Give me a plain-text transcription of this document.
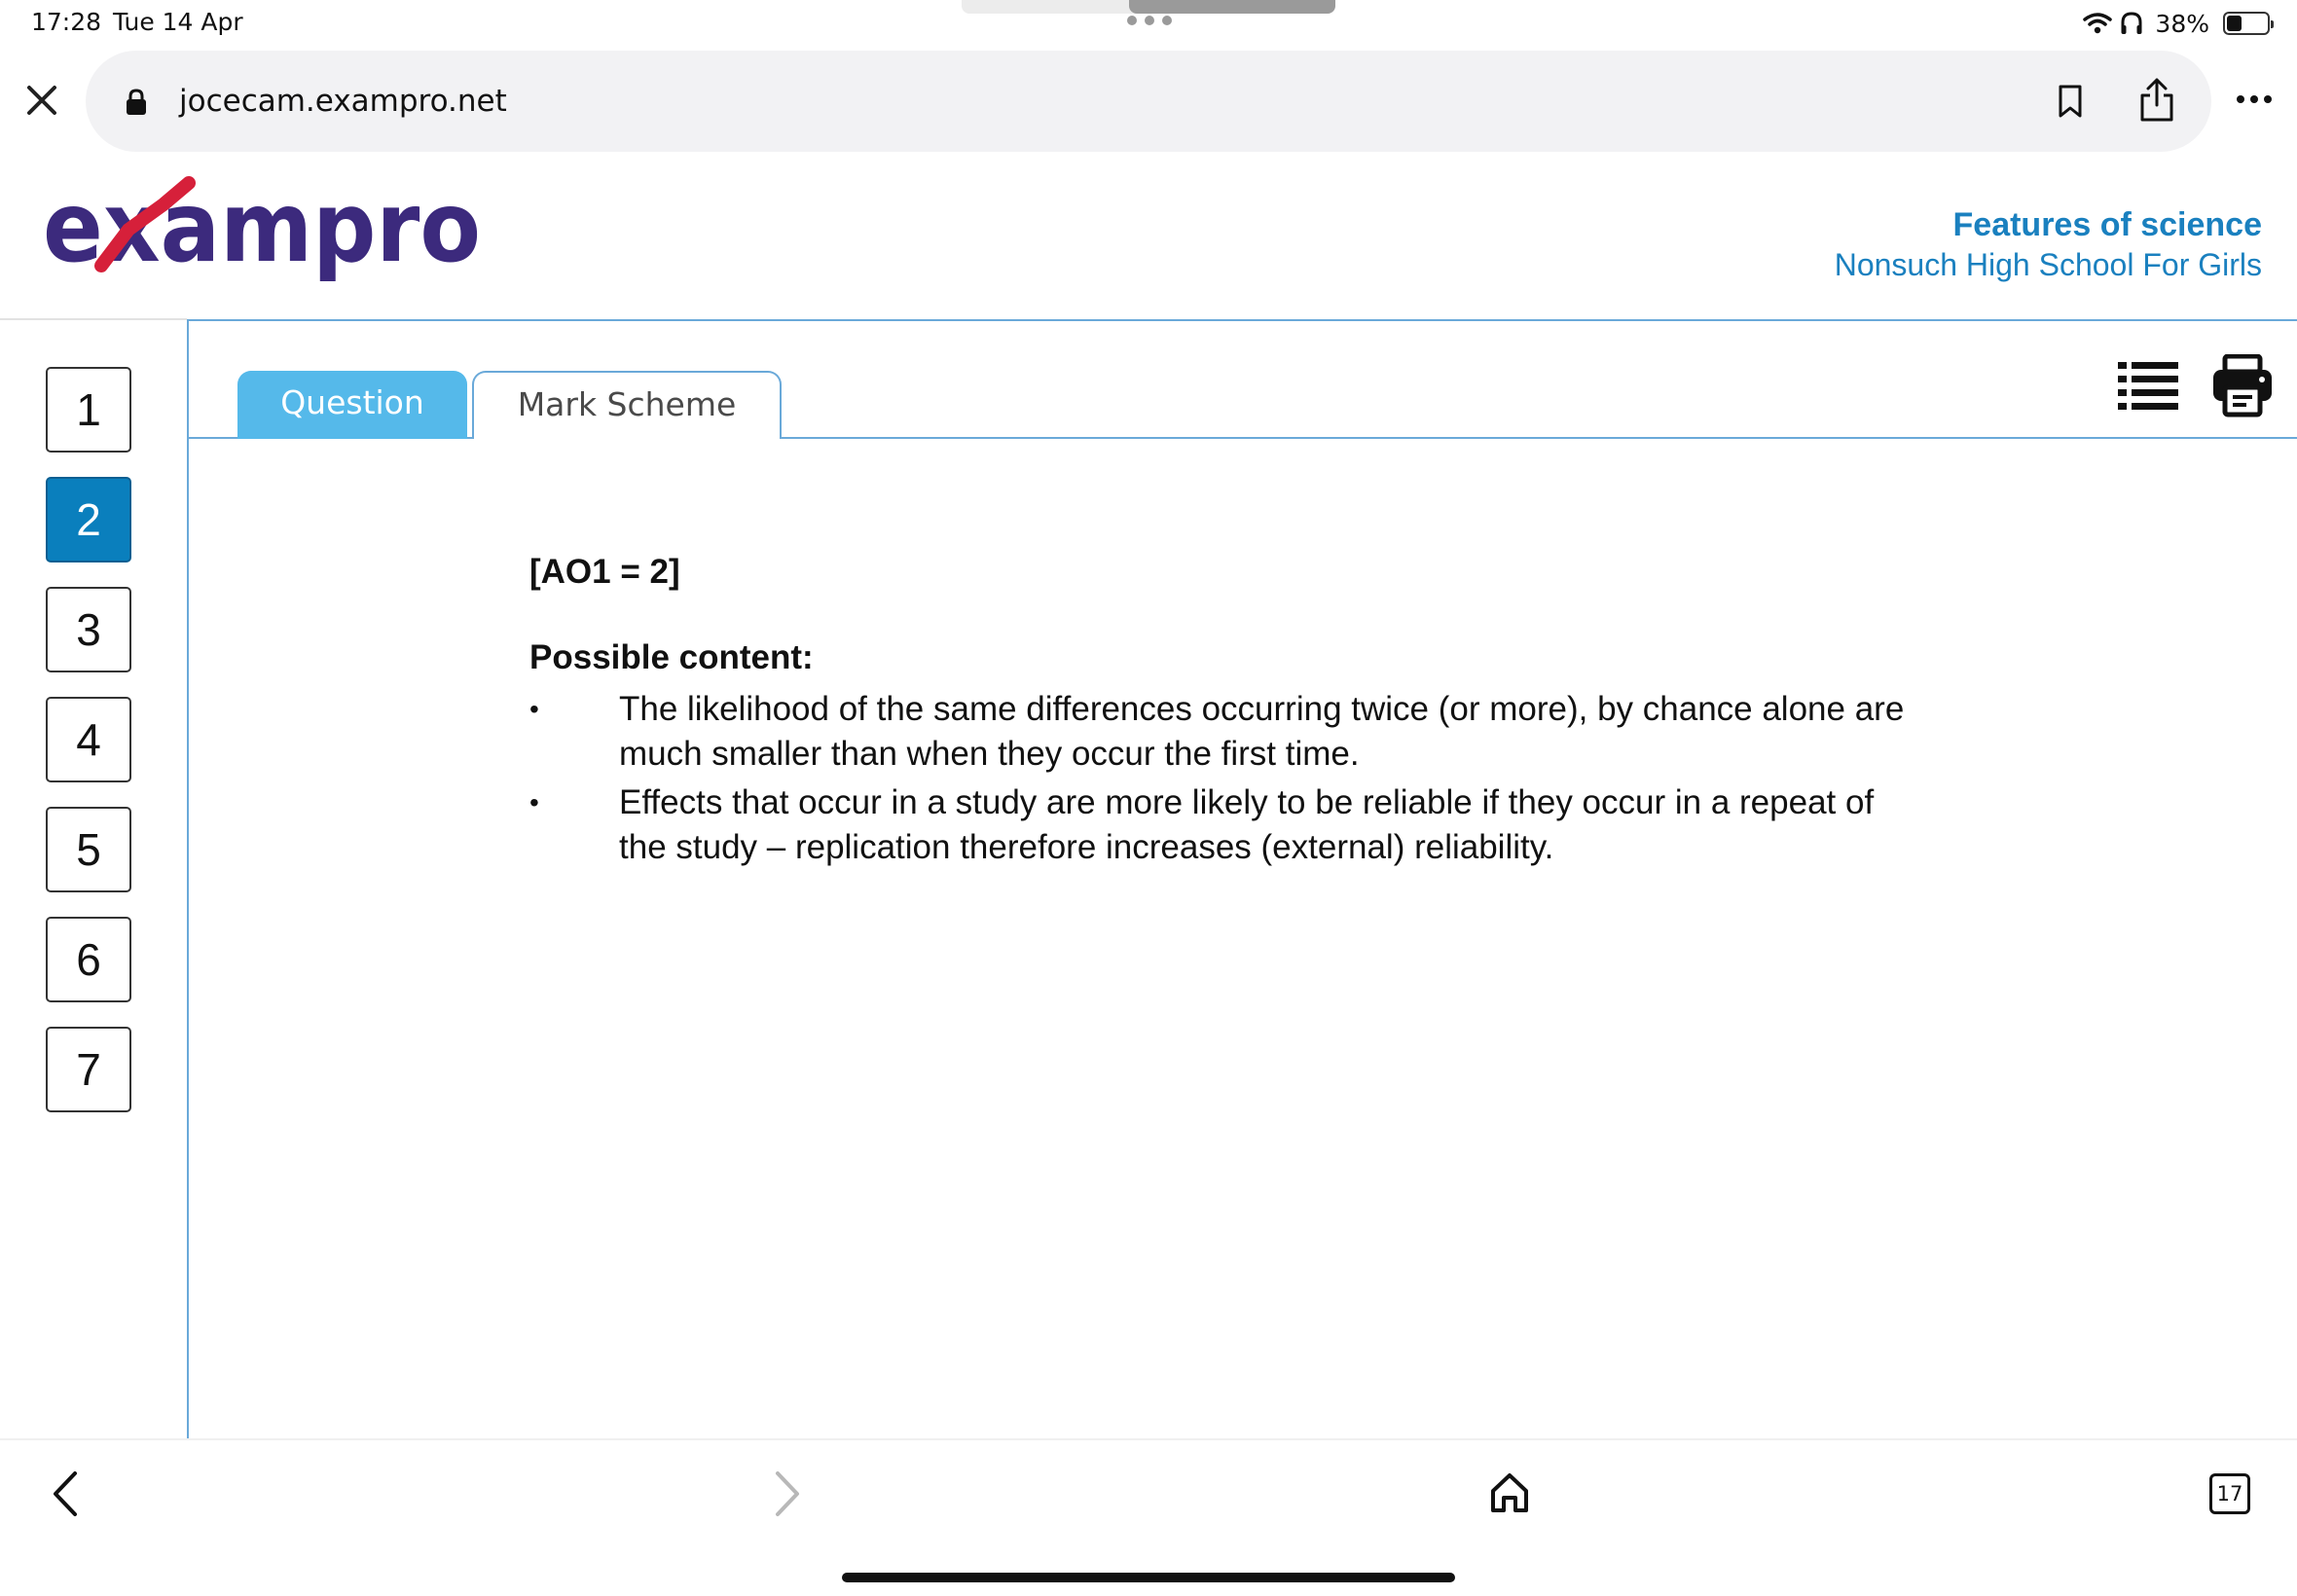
17:28 Tue 14 Apr	38%
jocecam.exampro.net
exampro	Features of science
Nonsuch High School For Girls
1
2
3
4
5
6
7
Question	Mark Scheme
[AO1 = 2]
Possible content:
• The likelihood of the same differences occurring twice (or more), by chance alone are much smaller than when they occur the first time.
• Effects that occur in a study are more likely to be reliable if they occur in a repeat of the study – replication therefore increases (external) reliability.
17
